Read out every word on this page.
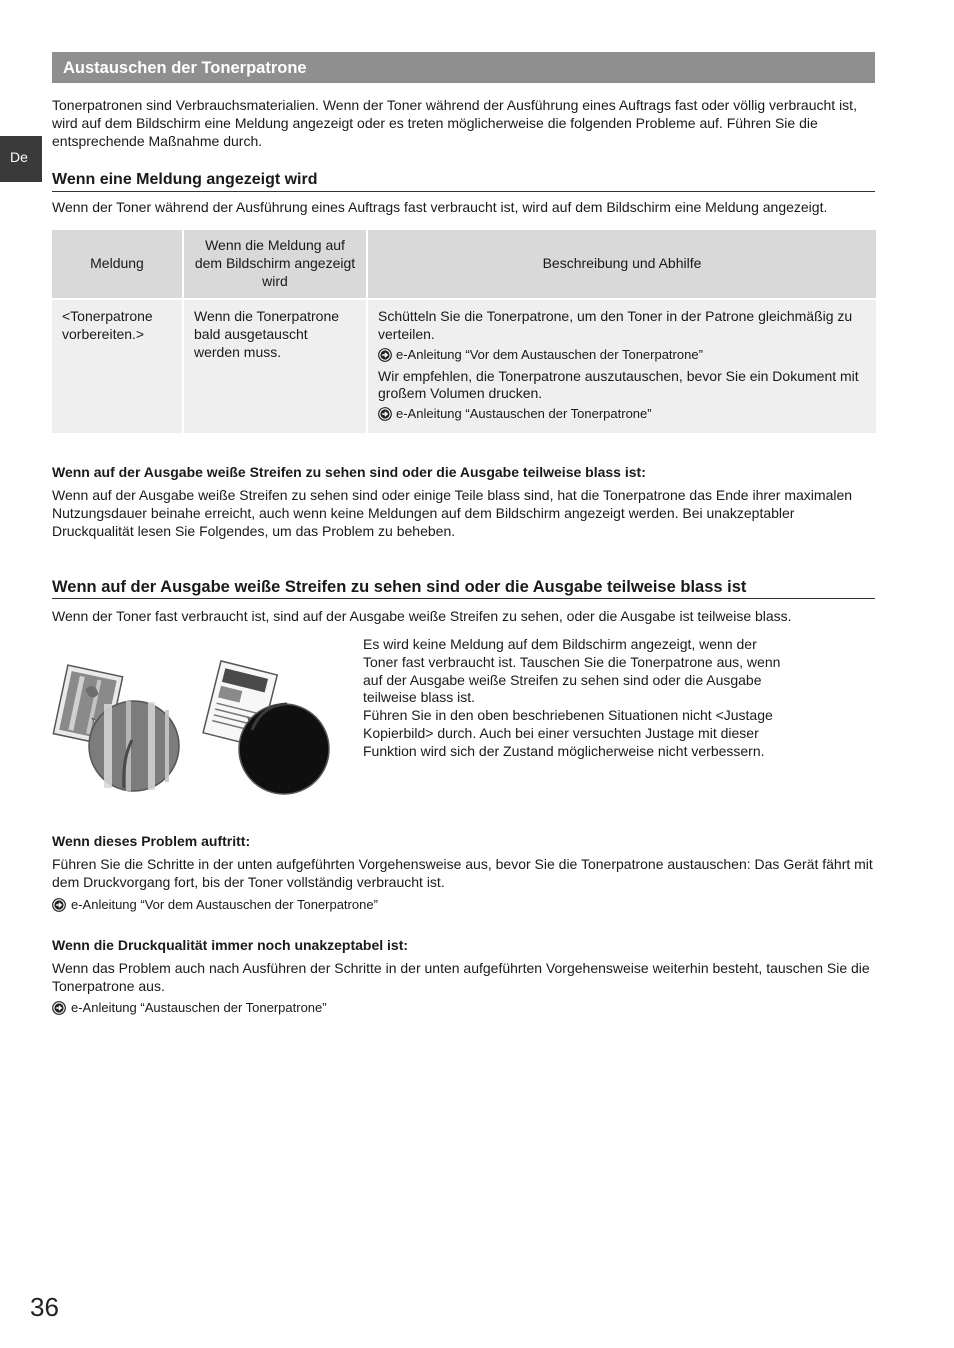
Austauschen der Tonerpatrone
De
Tonerpatronen sind Verbrauchsmaterialien. Wenn der Toner während der Ausführung eines Auftrags fast oder völlig verbraucht ist, wird auf dem Bildschirm eine Meldung angezeigt oder es treten möglicherweise die folgenden Probleme auf. Führen Sie die entsprechende Maßnahme durch.
Wenn eine Meldung angezeigt wird
Wenn der Toner während der Ausführung eines Auftrags fast verbraucht ist, wird auf dem Bildschirm eine Meldung angezeigt.
Meldung	Wenn die Meldung auf dem Bildschirm angezeigt wird	Beschreibung und Abhilfe
<Tonerpatrone vorbereiten.>	Wenn die Tonerpatrone bald ausgetauscht werden muss.	Schütteln Sie die Tonerpatrone, um den Toner in der Patrone gleichmäßig zu verteilen.
e-Anleitung “Vor dem Austauschen der Tonerpatrone”
Wir empfehlen, die Tonerpatrone auszutauschen, bevor Sie ein Dokument mit großem Volumen drucken.
e-Anleitung “Austauschen der Tonerpatrone”
Wenn auf der Ausgabe weiße Streifen zu sehen sind oder die Ausgabe teilweise blass ist:
Wenn auf der Ausgabe weiße Streifen zu sehen sind oder einige Teile blass sind, hat die Tonerpatrone das Ende ihrer maximalen Nutzungsdauer beinahe erreicht, auch wenn keine Meldungen auf dem Bildschirm angezeigt werden. Bei unakzeptabler Druckqualität lesen Sie Folgendes, um das Problem zu beheben.
Wenn auf der Ausgabe weiße Streifen zu sehen sind oder die Ausgabe teilweise blass ist
Wenn der Toner fast verbraucht ist, sind auf der Ausgabe weiße Streifen zu sehen, oder die Ausgabe ist teilweise blass.
Es wird keine Meldung auf dem Bildschirm angezeigt, wenn der Toner fast verbraucht ist. Tauschen Sie die Tonerpatrone aus, wenn auf der Ausgabe weiße Streifen zu sehen sind oder die Ausgabe teilweise blass ist.
Führen Sie in den oben beschriebenen Situationen nicht <Justage Kopierbild> durch. Auch bei einer versuchten Justage mit dieser Funktion wird sich der Zustand möglicherweise nicht verbessern.
Wenn dieses Problem auftritt:
Führen Sie die Schritte in der unten aufgeführten Vorgehensweise aus, bevor Sie die Tonerpatrone austauschen: Das Gerät fährt mit dem Druckvorgang fort, bis der Toner vollständig verbraucht ist.
e-Anleitung “Vor dem Austauschen der Tonerpatrone”
Wenn die Druckqualität immer noch unakzeptabel ist:
Wenn das Problem auch nach Ausführen der Schritte in der unten aufgeführten Vorgehensweise weiterhin besteht, tauschen Sie die Tonerpatrone aus.
e-Anleitung “Austauschen der Tonerpatrone”
36
